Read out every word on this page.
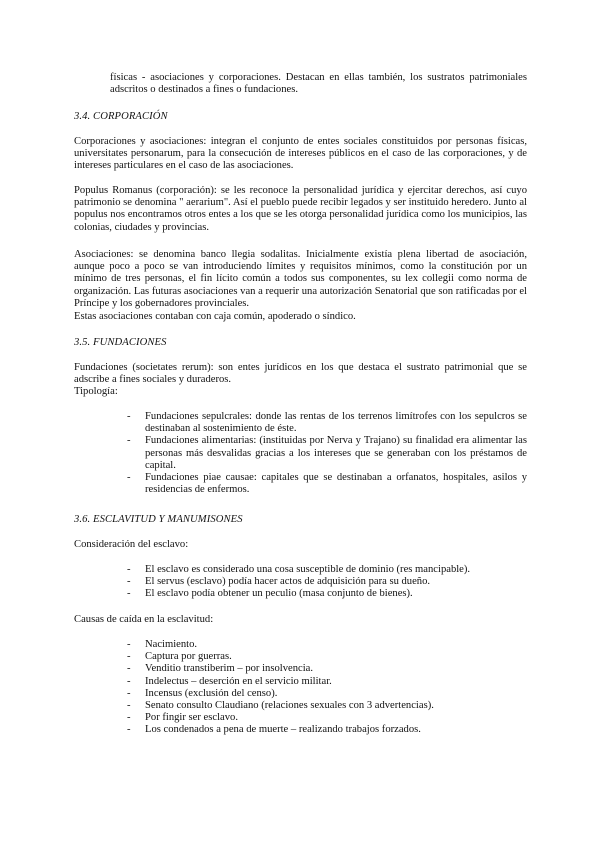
físicas - asociaciones y corporaciones. Destacan en ellas también, los sustratos patrimoniales adscritos o destinados a fines o fundaciones.

3.4. CORPORACIÓN

Corporaciones y asociaciones: integran el conjunto de entes sociales constituidos por personas físicas, universitates personarum, para la consecución de intereses públicos en el caso de las corporaciones, y de intereses particulares en el caso de las asociaciones.

Populus Romanus (corporación): se les reconoce la personalidad jurídica y ejercitar derechos, así cuyo patrimonio se denomina " aerarium". Así el pueblo puede recibir legados y ser instituido heredero. Junto al populus nos encontramos otros entes a los que se les otorga personalidad jurídica como los municipios, las colonias, ciudades y provincias.

Asociaciones: se denomina banco llegia sodalitas. Inicialmente existía plena libertad de asociación, aunque poco a poco se van introduciendo límites y requisitos mínimos, como la constitución por un mínimo de tres personas, el fin lícito común a todos sus componentes, su lex collegii como norma de organización. Las futuras asociaciones van a requerir una autorización Senatorial que son ratificadas por el Príncipe y los gobernadores provinciales.

Estas asociaciones contaban con caja común, apoderado o síndico.

3.5. FUNDACIONES

Fundaciones (societates rerum): son entes jurídicos en los que destaca el sustrato patrimonial que se adscribe a fines sociales y duraderos.

Tipología:

- Fundaciones sepulcrales: donde las rentas de los terrenos limítrofes con los sepulcros se destinaban al sostenimiento de éste.
- Fundaciones alimentarias: (instituidas por Nerva y Trajano) su finalidad era alimentar las personas más desvalidas gracias a los intereses que se generaban con los préstamos de capital.
- Fundaciones piae causae: capitales que se destinaban a orfanatos, hospitales, asilos y residencias de enfermos.

3.6. ESCLAVITUD Y MANUMISONES

Consideración del esclavo:

- El esclavo es considerado una cosa susceptible de dominio (res mancipable).
- El servus (esclavo) podía hacer actos de adquisición para su dueño.
- El esclavo podía obtener un peculio (masa conjunto de bienes).

Causas de caída en la esclavitud:

- Nacimiento.
- Captura por guerras.
- Venditio transtiberim – por insolvencia.
- Indelectus – deserción en el servicio militar.
- Incensus (exclusión del censo).
- Senato consulto Claudiano (relaciones sexuales con 3 advertencias).
- Por fingir ser esclavo.
- Los condenados a pena de muerte – realizando trabajos forzados.
